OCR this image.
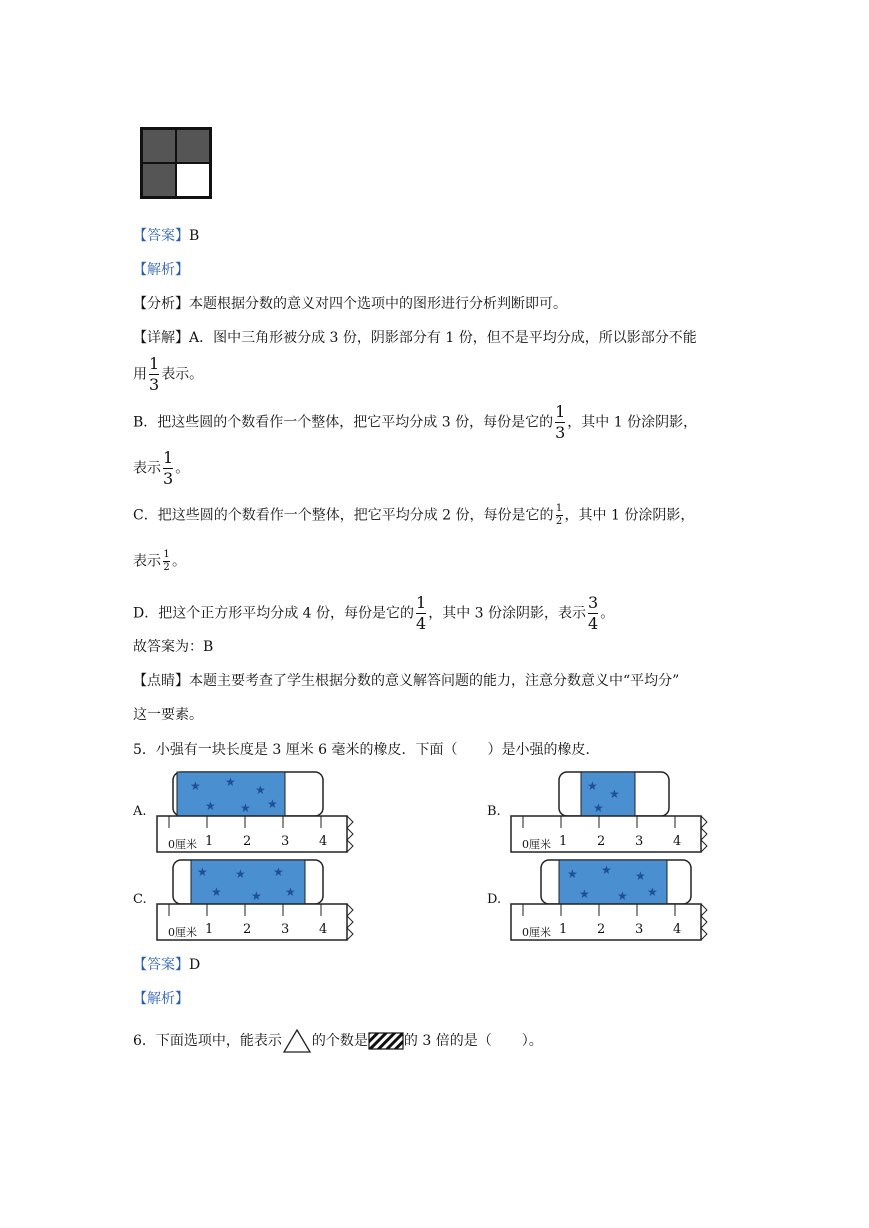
【答案】B
【解析】
【分析】本题根据分数的意义对四个选项中的图形进行分析判断即可。
【详解】A．图中三角形被分成 3 份，阴影部分有 1 份，但不是平均分成，所以影部分不能
用 $\frac{1}{3}$ 表示。
B．把这些圆的个数看作一个整体，把它平均分成 3 份，每份是它的 $\frac{1}{3}$ ，其中 1 份涂阴影，
表示 $\frac{1}{3}$ 。
C．把这些圆的个数看作一个整体，把它平均分成 2 份，每份是它的 $\frac{1}{2}$ ，其中 1 份涂阴影，
表示 $\frac{1}{2}$ 。
D．把这个正方形平均分成 4 份，每份是它的 $\frac{1}{4}$ ，其中 3 份涂阴影，表示 $\frac{3}{4}$ 。
故答案为：B
【点睛】本题主要考查了学生根据分数的意义解答问题的能力，注意分数意义中“平均分”
这一要素。
5．小强有一块长度是 3 厘米 6 毫米的橡皮．下面（ ）是小强的橡皮．
A.
★ ★
★
★ ★ ★
0厘米 1 2 3 4
B.
★
★
★
0厘米 1 2 3 4
C.
★ ★ ★
★ ★ ★
0厘米 1 2 3 4
D.
★ ★ ★
★ ★ ★
0厘米 1 2 3 4
【答案】D
【解析】
6．下面选项中，能表示 的个数是	的 3 倍的是（ ）。
